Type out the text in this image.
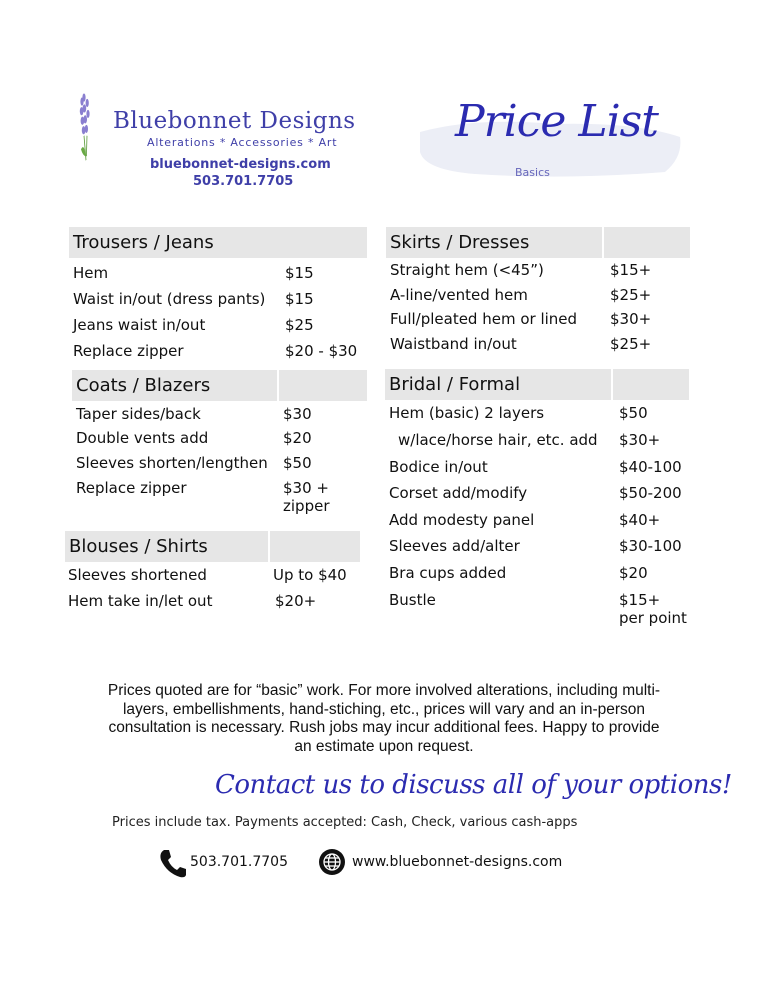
Bluebonnet Designs
Alterations * Accessories * Art
bluebonnet-designs.com
503.701.7705
Price List
Basics
Trousers / Jeans
Hem	$15
Waist in/out (dress pants) $15
Jeans waist in/out	$25
Replace zipper	$20 - $30
Coats / Blazers
Taper sides/back	$30
Double vents add	$20
Sleeves shorten/lengthen $50
Replace zipper	$30 +
zipper
Blouses / Shirts
Sleeves shortened	Up to $40
Hem take in/let out	$20+
Skirts / Dresses
Straight hem (<45”)	$15+
A-line/vented hem	$25+
Full/pleated hem or lined $30+
Waistband in/out	$25+
Bridal / Formal
Hem (basic) 2 layers	$50
w/lace/horse hair, etc. add $30+
Bodice in/out	$40-100
Corset add/modify	$50-200
Add modesty panel	$40+
Sleeves add/alter	$30-100
Bra cups added	$20
Bustle	$15+
per point
Prices quoted are for “basic” work. For more involved alterations, including multi-layers, embellishments, hand-stiching, etc., prices will vary and an in-person consultation is necessary. Rush jobs may incur additional fees. Happy to provide an estimate upon request.
Contact us to discuss all of your options!
Prices include tax. Payments accepted: Cash, Check, various cash-apps
503.701.7705	www.bluebonnet-designs.com
